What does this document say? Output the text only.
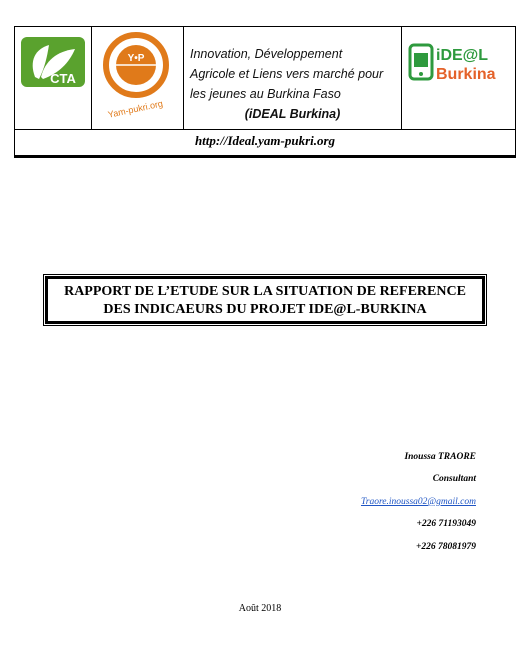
CTA
Y•P
Yam-pukri.org
Innovation, Développement
Agricole et Liens vers marché pour
les jeunes au Burkina Faso
(iDEAL Burkina)
iDE@L
Burkina
http://Ideal.yam-pukri.org
RAPPORT DE L’ETUDE SUR LA SITUATION DE REFERENCE
DES INDICAEURS DU PROJET IDE@L-BURKINA
Inoussa TRAORE
Consultant
Traore.inoussa02@gmail.com
+226 71193049
+226 78081979
Août 2018
